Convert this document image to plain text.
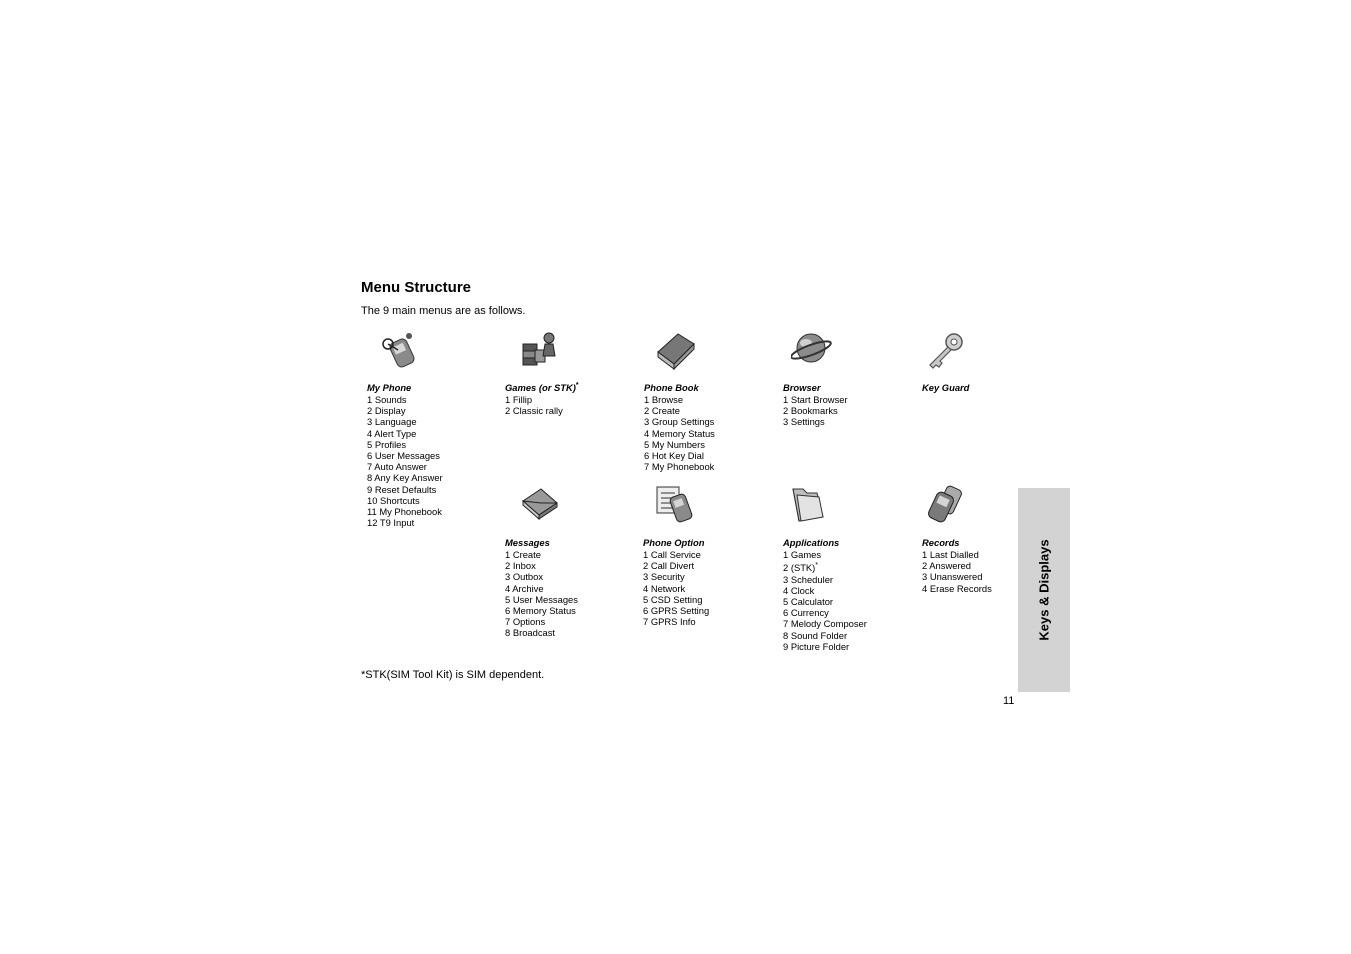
Menu Structure
The 9 main menus are as follows.
My Phone
1 Sounds
2 Display
3 Language
4 Alert Type
5 Profiles
6 User Messages
7 Auto Answer
8 Any Key Answer
9 Reset Defaults
10 Shortcuts
11 My Phonebook
12 T9 Input
Games (or STK)*
1 Fillip
2 Classic rally
Phone Book
1 Browse
2 Create
3 Group Settings
4 Memory Status
5 My Numbers
6 Hot Key Dial
7 My Phonebook
Browser
1 Start Browser
2 Bookmarks
3 Settings
Key Guard
Messages
1 Create
2 Inbox
3 Outbox
4 Archive
5 User Messages
6 Memory Status
7 Options
8 Broadcast
Phone Option
1 Call Service
2 Call Divert
3 Security
4 Network
5 CSD Setting
6 GPRS Setting
7 GPRS Info
Applications
1 Games
2 (STK)*
3 Scheduler
4 Clock
5 Calculator
6 Currency
7 Melody Composer
8 Sound Folder
9 Picture Folder
Records
1 Last Dialled
2 Answered
3 Unanswered
4 Erase Records
*STK(SIM Tool Kit) is SIM dependent.
11
Keys & Displays
